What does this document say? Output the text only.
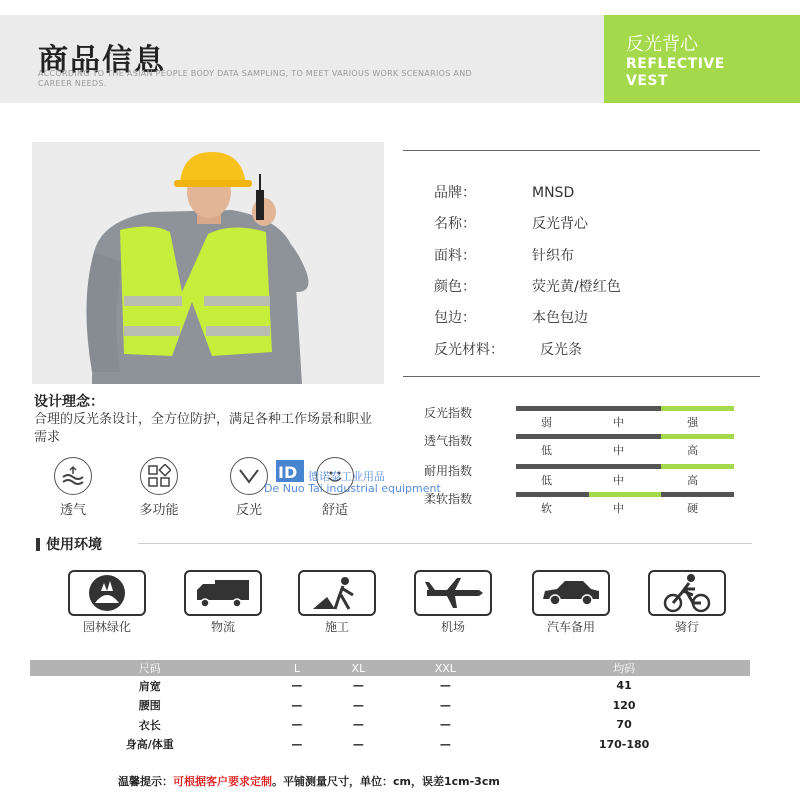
商品信息
ACCORDING TO THE ASIAN PEOPLE BODY DATA SAMPLING, TO MEET VARIOUS WORK SCENARIOS AND CAREER NEEDS.
反光背心
REFLECTIVE
VEST
品牌：	MNSD
名称：	反光背心
面料：	针织布
颜色：	荧光黄/橙红色
包边：	本色包边
反光材料：	反光条
设计理念：
合理的反光条设计，全方位防护，满足各种工作场景和职业需求
透气	多功能	反光	舒适
ID 德诺泰工业用品
De Nuo Tai industrial equipment
反光指数
弱	中	强
透气指数
低	中	高
耐用指数
低	中	高
柔软指数
软	中	硬
使用环境
园林绿化	物流	施工	机场	汽车备用	骑行
尺码	L	XL	XXL	均码
肩宽	—	—	—	41
腰围	—	—	—	120
衣长	—	—	—	70
身高/体重	—	—	—	170-180
温馨提示：可根据客户要求定制。平铺测量尺寸，单位：cm，误差1cm-3cm
